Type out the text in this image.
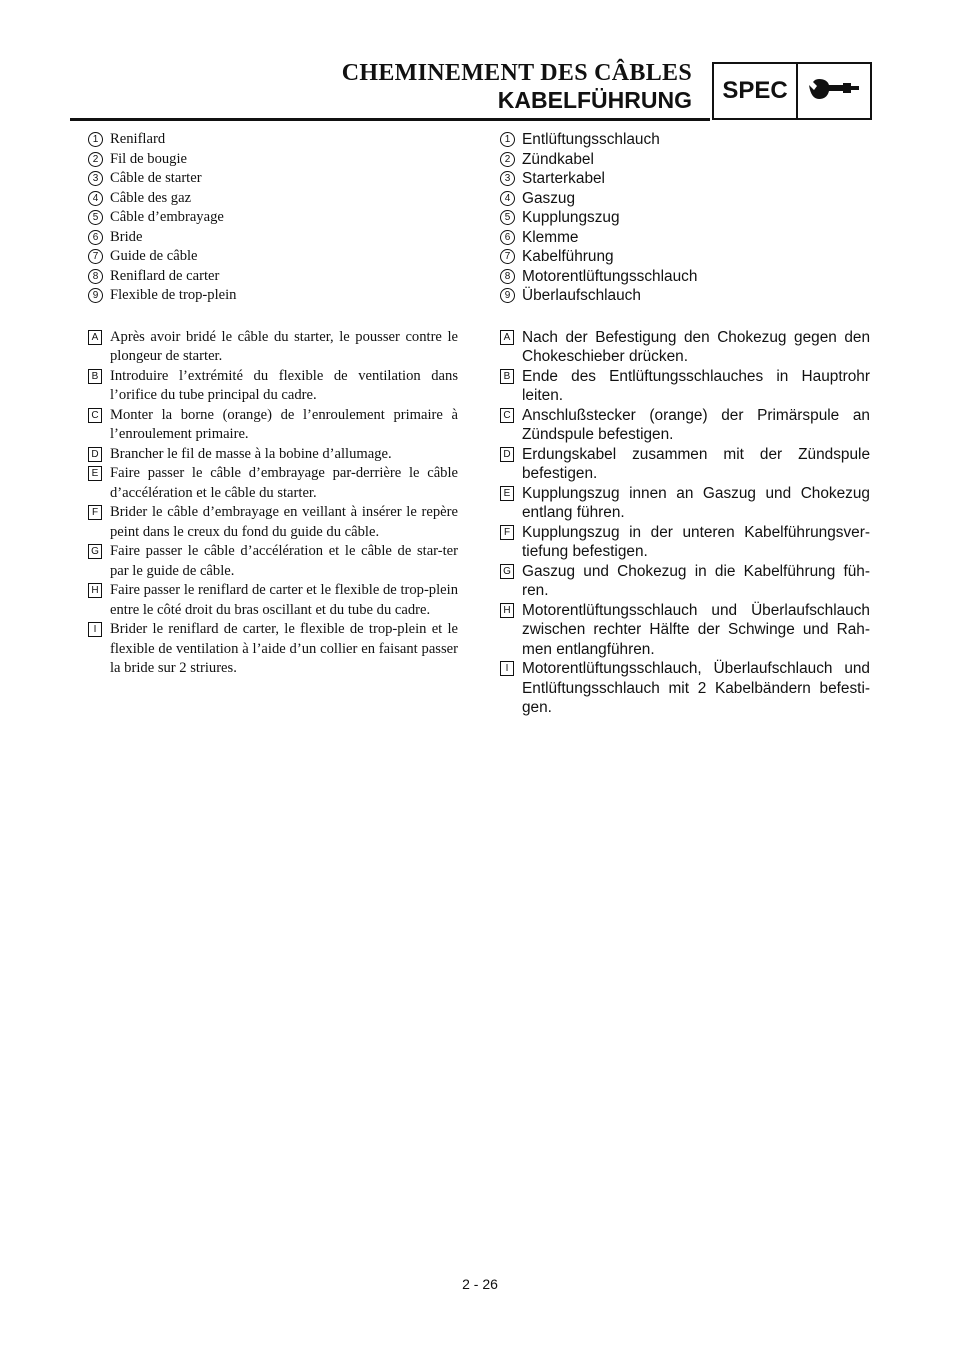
CHEMINEMENT DES CÂBLES
KABELFÜHRUNG	SPEC
1 Reniflard
2 Fil de bougie
3 Câble de starter
4 Câble des gaz
5 Câble d’embrayage
6 Bride
7 Guide de câble
8 Reniflard de carter
9 Flexible de trop-plein
A Après avoir bridé le câble du starter, le pousser contre le plongeur de starter.
B Introduire l’extrémité du flexible de ventilation dans l’orifice du tube principal du cadre.
C Monter la borne (orange) de l’enroulement primaire à l’enroulement primaire.
D Brancher le fil de masse à la bobine d’allumage.
E Faire passer le câble d’embrayage par-derrière le câble d’accélération et le câble du starter.
F Brider le câble d’embrayage en veillant à insérer le repère peint dans le creux du fond du guide du câble.
G Faire passer le câble d’accélération et le câble de star-ter par le guide de câble.
H Faire passer le reniflard de carter et le flexible de trop-plein entre le côté droit du bras oscillant et du tube du cadre.
I Brider le reniflard de carter, le flexible de trop-plein et le flexible de ventilation à l’aide d’un collier en faisant passer la bride sur 2 striures.
1 Entlüftungsschlauch
2 Zündkabel
3 Starterkabel
4 Gaszug
5 Kupplungszug
6 Klemme
7 Kabelführung
8 Motorentlüftungsschlauch
9 Überlaufschlauch
A Nach der Befestigung den Chokezug gegen den Chokeschieber drücken.
B Ende des Entlüftungsschlauches in Hauptrohr leiten.
C Anschlußstecker (orange) der Primärspule an Zündspule befestigen.
D Erdungskabel zusammen mit der Zündspule befestigen.
E Kupplungszug innen an Gaszug und Chokezug entlang führen.
F Kupplungszug in der unteren Kabelführungsver-tiefung befestigen.
G Gaszug und Chokezug in die Kabelführung füh-ren.
H Motorentlüftungsschlauch und Überlaufschlauch zwischen rechter Hälfte der Schwinge und Rah-men entlangführen.
I Motorentlüftungsschlauch, Überlaufschlauch und Entlüftungsschlauch mit 2 Kabelbändern befesti-gen.
2 - 26
